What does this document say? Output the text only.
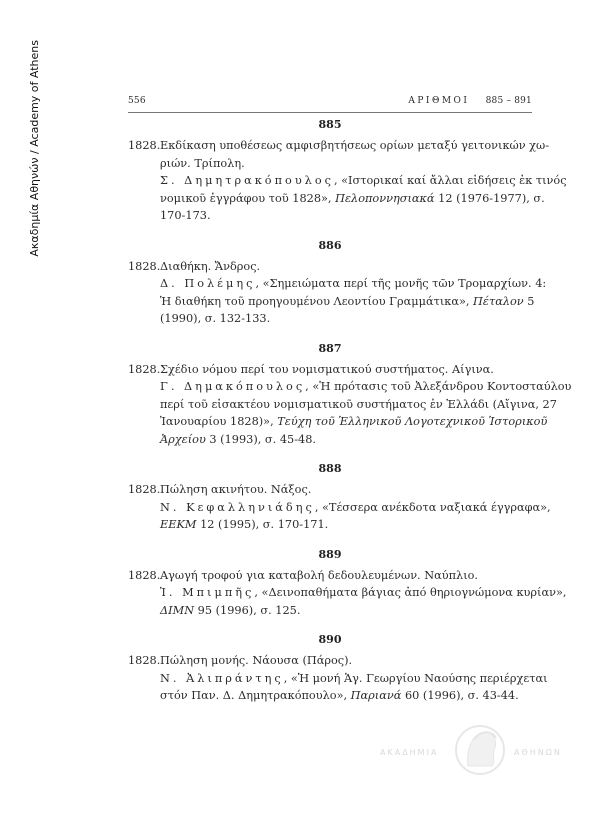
Ακαδημία Αθηνών / Academy of Athens	556	ΑΡΙΘΜΟΙ 885 – 891
885
1828.Εκδίκαση υποθέσεως αμφισβητήσεως ορίων μεταξύ γειτονικών χω-
ριών. Τρίπολη.
Σ. Δημητρακόπουλος, «Ιστορικαί καί ἄλλαι εἰδήσεις ἐκ τινός
νομικοῦ ἐγγράφου τοῦ 1828», Πελοποννησιακά 12 (1976-1977), σ.
170-173.
886
1828.Διαθήκη. Ἄνδρος.
Δ. Πολέμης, «Σημειώματα περί τῆς μονῆς τῶν Τρομαρχίων. 4:
Ἡ διαθήκη τοῦ προηγουμένου Λεοντίου Γραμμάτικα», Πέταλον 5
(1990), σ. 132-133.
887
1828.Σχέδιο νόμου περί του νομισματικού συστήματος. Αίγινα.
Γ. Δημακόπουλος, «Ἡ πρότασις τοῦ Ἀλεξάνδρου Κοντοσταύλου
περί τοῦ εἰσακτέου νομισματικοῦ συστήματος ἐν Ἑλλάδι (Αἴγινα, 27
Ἰανουαρίου 1828)», Τεύχη τοῦ Ἑλληνικοῦ Λογοτεχνικοῦ Ἱστορικοῦ
Ἀρχείου 3 (1993), σ. 45-48.
888
1828.Πώληση ακινήτου. Νάξος.
Ν. Κεφαλληνιάδης, «Τέσσερα ανέκδοτα ναξιακά έγγραφα»,
ΕΕΚΜ 12 (1995), σ. 170-171.
889
1828.Αγωγή τροφού για καταβολή δεδουλευμένων. Ναύπλιο.
Ἰ. Μπιμπῆς, «Δεινοπαθήματα βάγιας ἀπό θηριογνώμονα κυρίαν»,
ΔΙΜΝ 95 (1996), σ. 125.
890
1828.Πώληση μονής. Νάουσα (Πάρος).
Ν. Ἀλιπράντης, «Ἡ μονή Ἁγ. Γεωργίου Ναούσης περιέρχεται
στόν Παν. Δ. Δημητρακόπουλο», Παριανά 60 (1996), σ. 43-44.
ΑΚΑΔΗΜΙΑ	ΑΘΗΝΩΝ
